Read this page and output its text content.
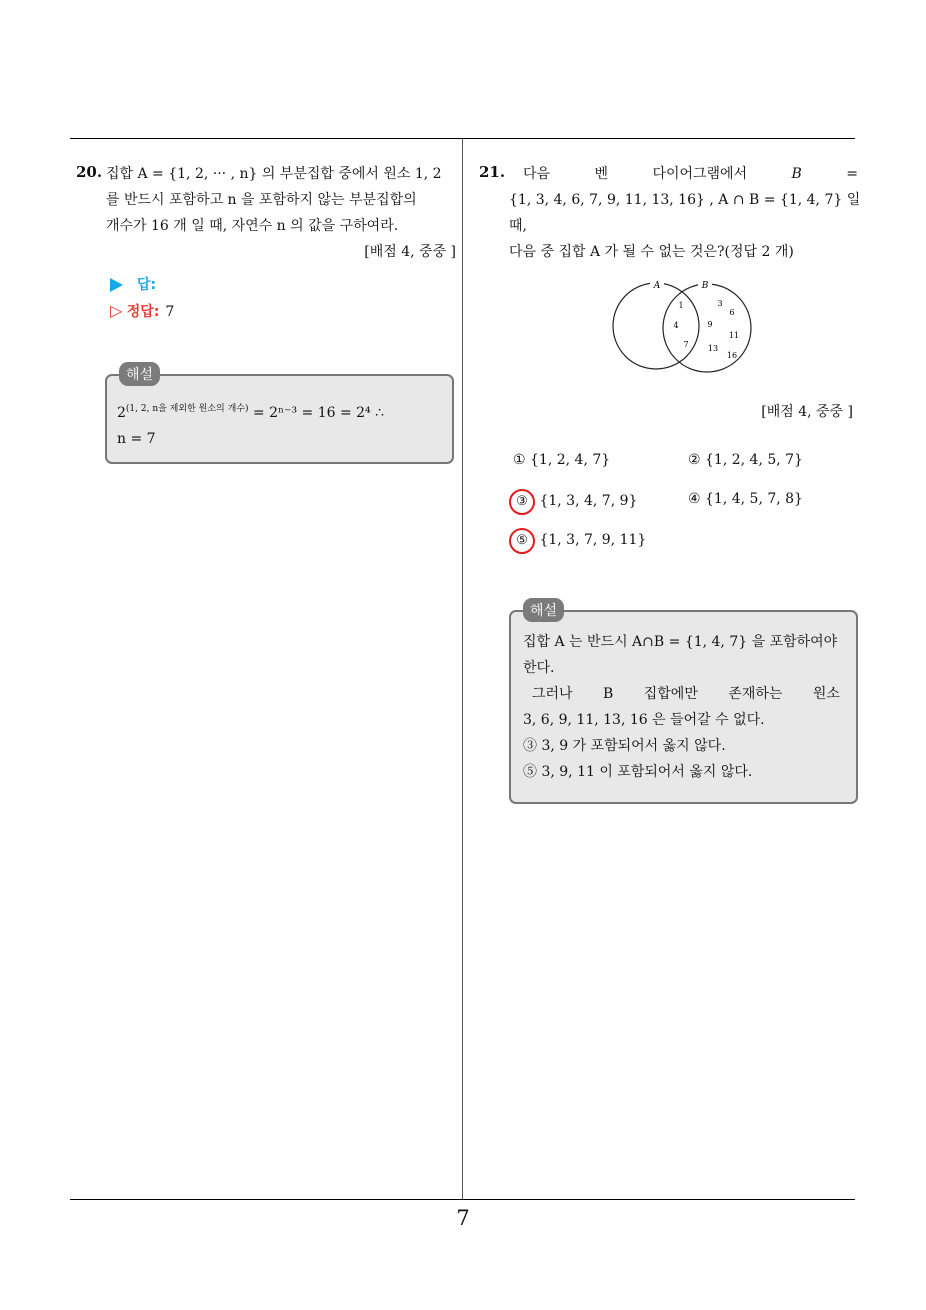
20. 집합 A = {1, 2, ··· , n} 의 부분집합 중에서 원소 1, 2
를 반드시 포함하고 n 을 포함하지 않는 부분집합의
개수가 16 개 일 때, 자연수 n 의 값을 구하여라.
[배점 4, 중중 ]
답:
▷ 정답: 7
해설
$2^{(1, 2, n을 제외한 원소의 개수)} = 2^{n-3} = 16 = 2^4$ ∴
n = 7
21. 다음	벤	다이어그램에서	B	=
{1, 3, 4, 6, 7, 9, 11, 13, 16} , A ∩ B = {1, 4, 7} 일
때,
다음 중 집합 A 가 될 수 없는 것은?(정답 2 개)
A	B
1
4
7
3
6
9
11
13
16
[배점 4, 중중 ]
① {1, 2, 4, 7}	② {1, 2, 4, 5, 7}
③ {1, 3, 4, 7, 9}	④ {1, 4, 5, 7, 8}
⑤ {1, 3, 7, 9, 11}
해설
집합 A 는 반드시 A∩B = {1, 4, 7} 을 포함하여야
한다.
그러나 B 집합에만 존재하는 원소
3, 6, 9, 11, 13, 16 은 들어갈 수 없다.
③ 3, 9 가 포함되어서 옳지 않다.
⑤ 3, 9, 11 이 포함되어서 옳지 않다.
7
